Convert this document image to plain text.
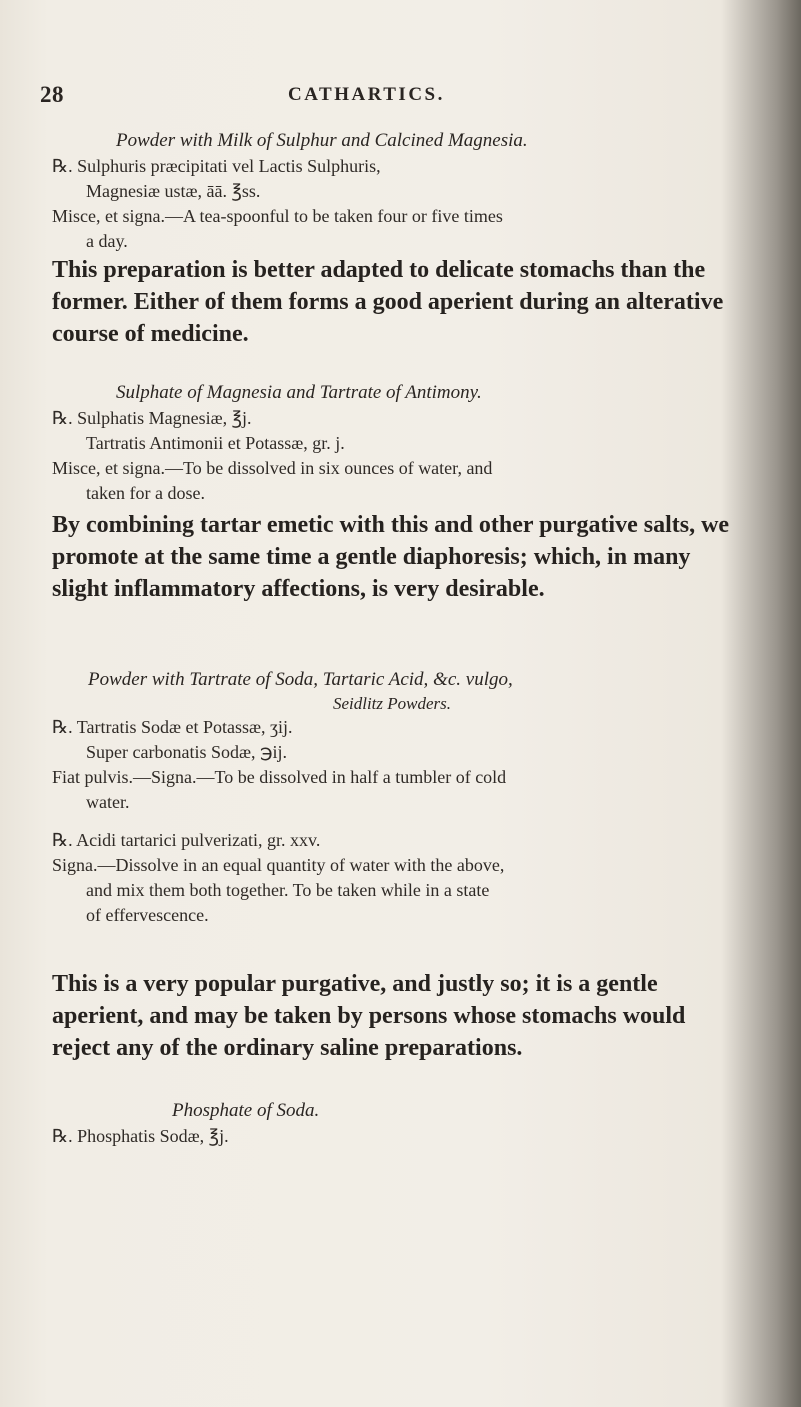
28	CATHARTICS.
Powder with Milk of Sulphur and Calcined Magnesia.

℞. Sulphuris præcipitati vel Lactis Sulphuris,

Magnesiæ ustæ, āā. ℥ss.

Misce, et signa.—A tea-spoonful to be taken four or five times

a day.

This preparation is better adapted to delicate stomachs than the former. Either of them forms a good aperient during an alterative course of medicine.

Sulphate of Magnesia and Tartrate of Antimony.

℞. Sulphatis Magnesiæ, ℥j.

Tartratis Antimonii et Potassæ, gr. j.

Misce, et signa.—To be dissolved in six ounces of water, and

taken for a dose.

By combining tartar emetic with this and other purgative salts, we promote at the same time a gentle diaphoresis; which, in many slight inflammatory affections, is very desirable.

Powder with Tartrate of Soda, Tartaric Acid, &c. vulgo,
Seidlitz Powders.

℞. Tartratis Sodæ et Potassæ, ʒij.

Super carbonatis Sodæ, ℈ij.

Fiat pulvis.—Signa.—To be dissolved in half a tumbler of cold

water.

℞. Acidi tartarici pulverizati, gr. xxv.

Signa.—Dissolve in an equal quantity of water with the above,

and mix them both together. To be taken while in a state

of effervescence.

This is a very popular purgative, and justly so; it is a gentle aperient, and may be taken by persons whose stomachs would reject any of the ordinary saline preparations.

Phosphate of Soda.

℞. Phosphatis Sodæ, ℥j.
